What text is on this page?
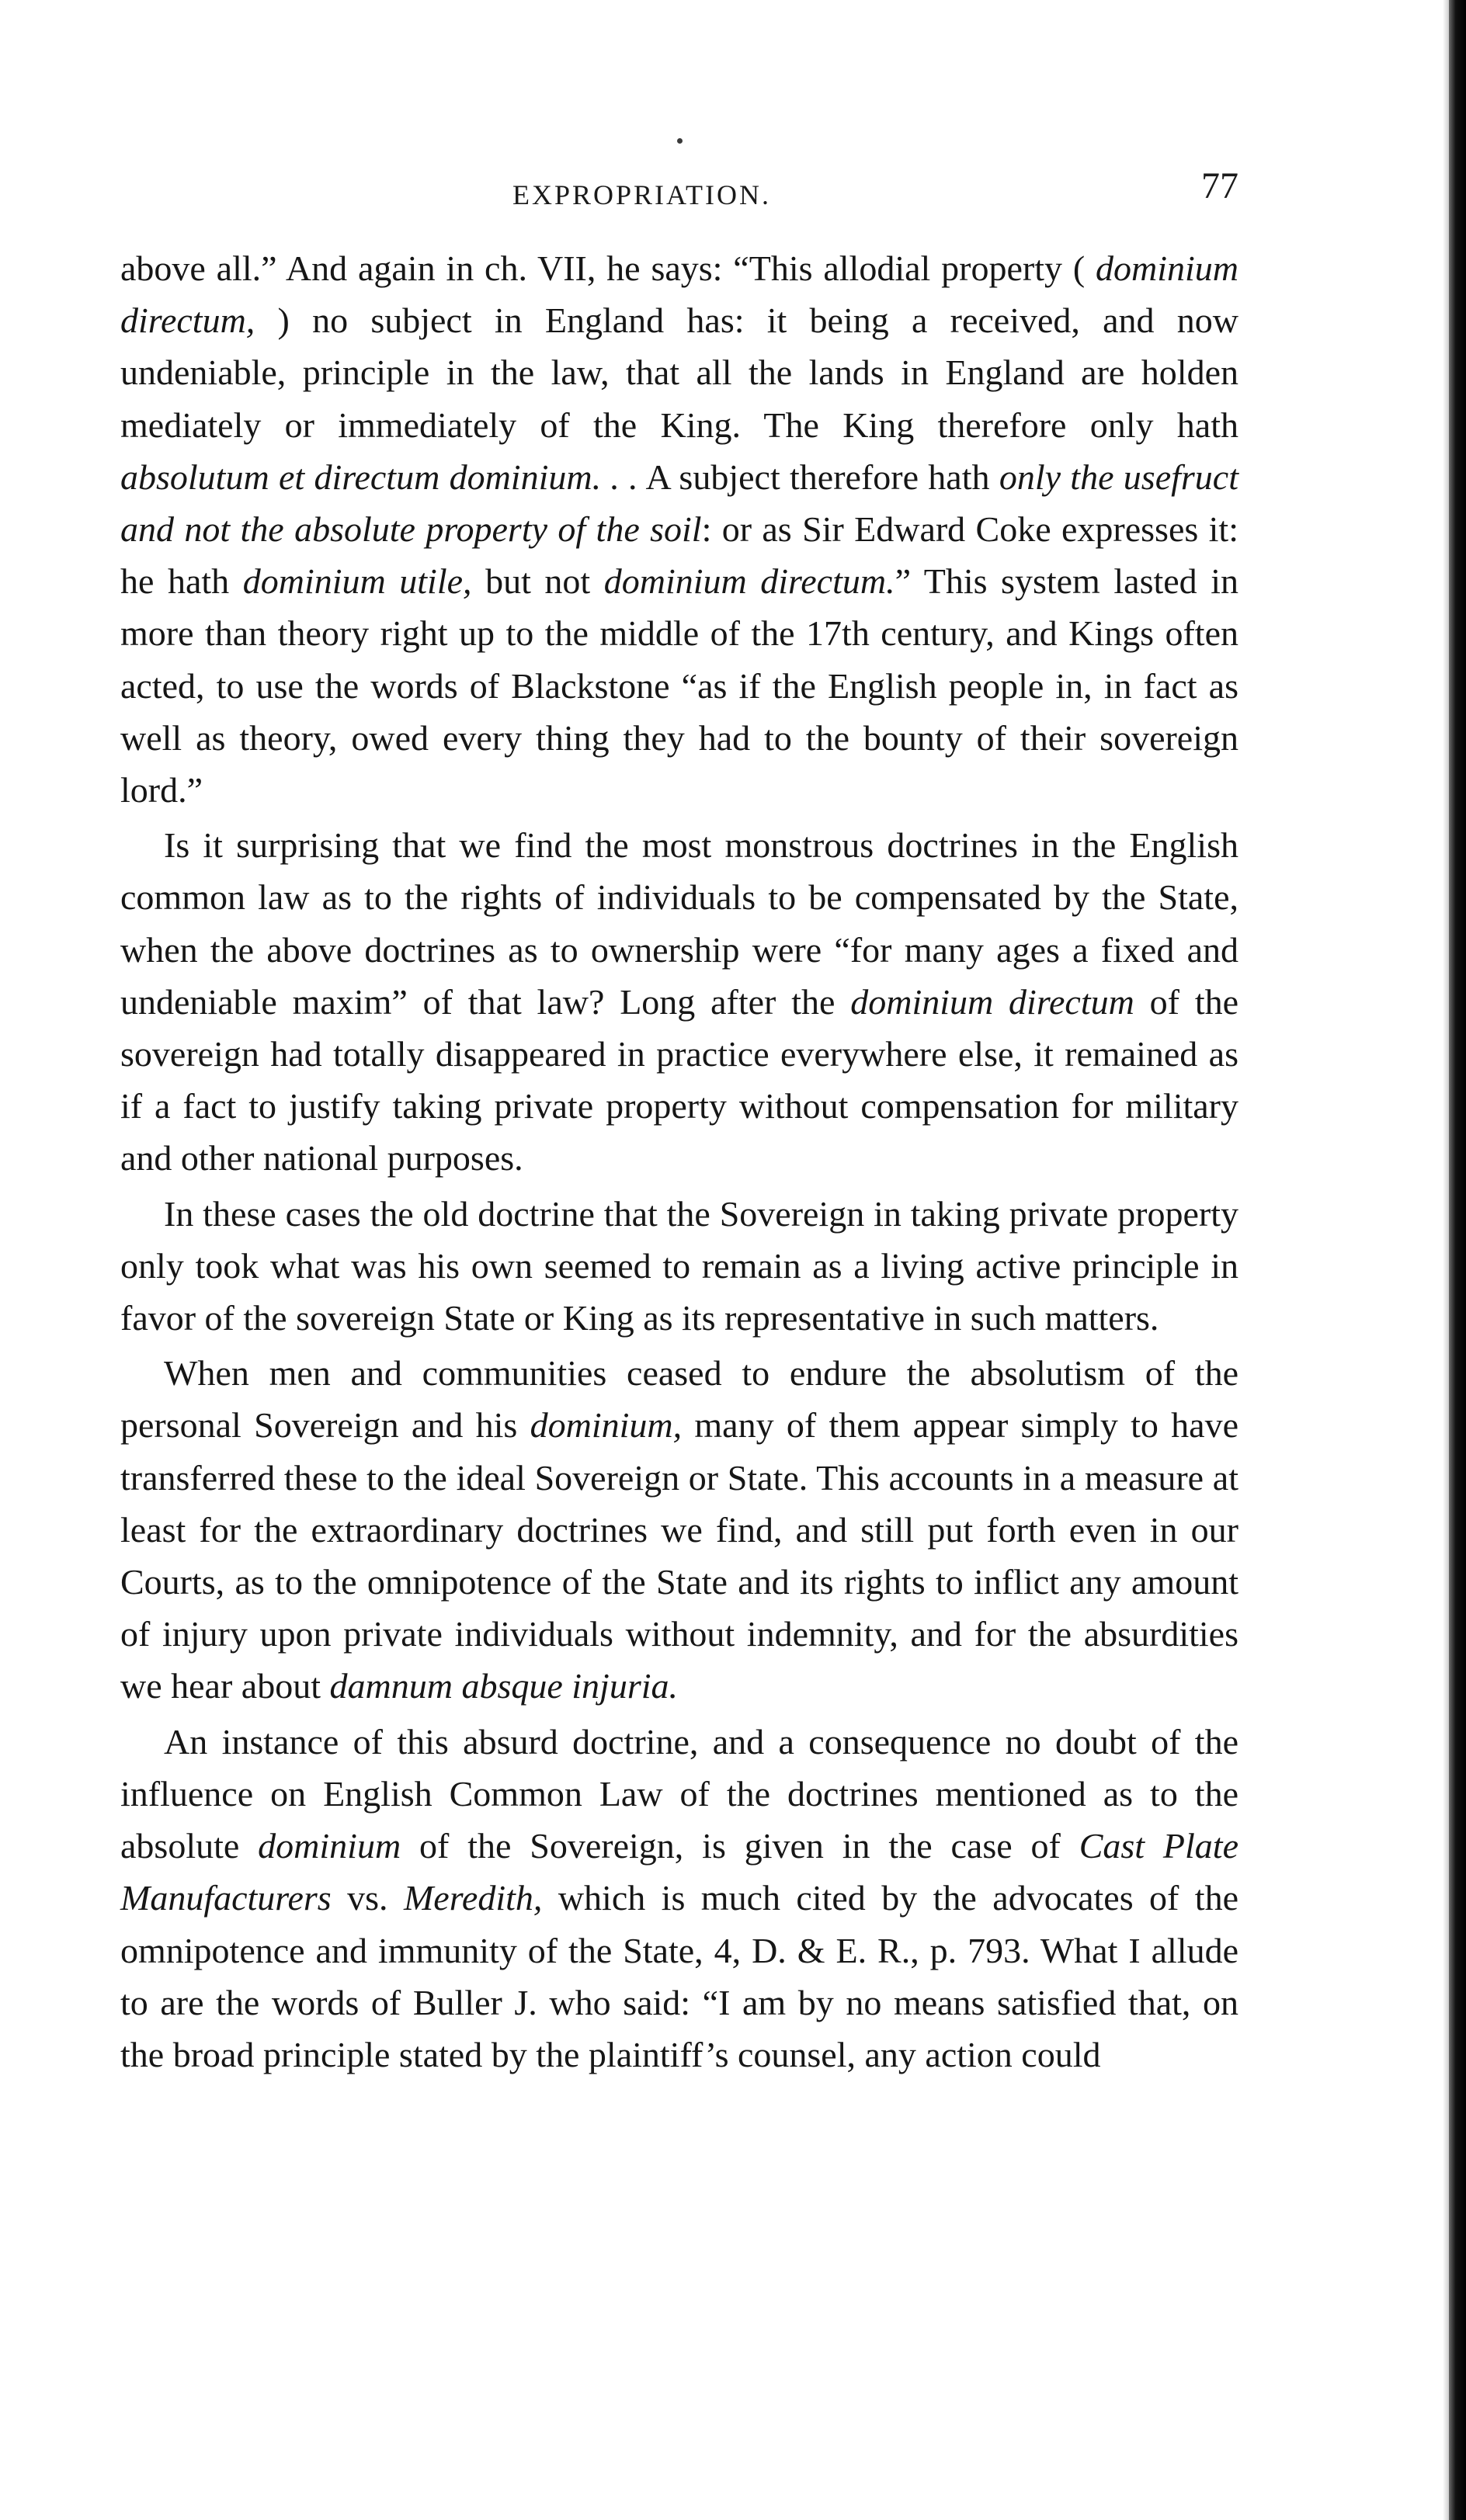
EXPROPRIATION.	77

above all.” And again in ch. VII, he says: “This allodial property ( dominium directum, ) no subject in England has: it being a received, and now undeniable, principle in the law, that all the lands in England are holden mediately or immediately of the King. The King therefore only hath absolutum et directum dominium. . . A subject therefore hath only the usefruct and not the absolute property of the soil: or as Sir Edward Coke expresses it: he hath dominium utile, but not dominium directum.” This system lasted in more than theory right up to the middle of the 17th century, and Kings often acted, to use the words of Blackstone “as if the English people in, in fact as well as theory, owed every thing they had to the bounty of their sovereign lord.”

Is it surprising that we find the most monstrous doctrines in the English common law as to the rights of individuals to be compensated by the State, when the above doctrines as to ownership were “for many ages a fixed and undeniable maxim” of that law? Long after the dominium directum of the sovereign had totally disappeared in practice everywhere else, it remained as if a fact to justify taking private property without compensation for military and other national purposes.

In these cases the old doctrine that the Sovereign in taking private property only took what was his own seemed to remain as a living active principle in favor of the sovereign State or King as its representative in such matters.

When men and communities ceased to endure the absolutism of the personal Sovereign and his dominium, many of them appear simply to have transferred these to the ideal Sovereign or State. This accounts in a measure at least for the extraordinary doctrines we find, and still put forth even in our Courts, as to the omnipotence of the State and its rights to inflict any amount of injury upon private individuals without indemnity, and for the absurdities we hear about damnum absque injuria.

An instance of this absurd doctrine, and a consequence no doubt of the influence on English Common Law of the doctrines mentioned as to the absolute dominium of the Sovereign, is given in the case of Cast Plate Manufacturers vs. Meredith, which is much cited by the advocates of the omnipotence and immunity of the State, 4, D. & E. R., p. 793. What I allude to are the words of Buller J. who said: “I am by no means satisfied that, on the broad principle stated by the plaintiff’s counsel, any action could
